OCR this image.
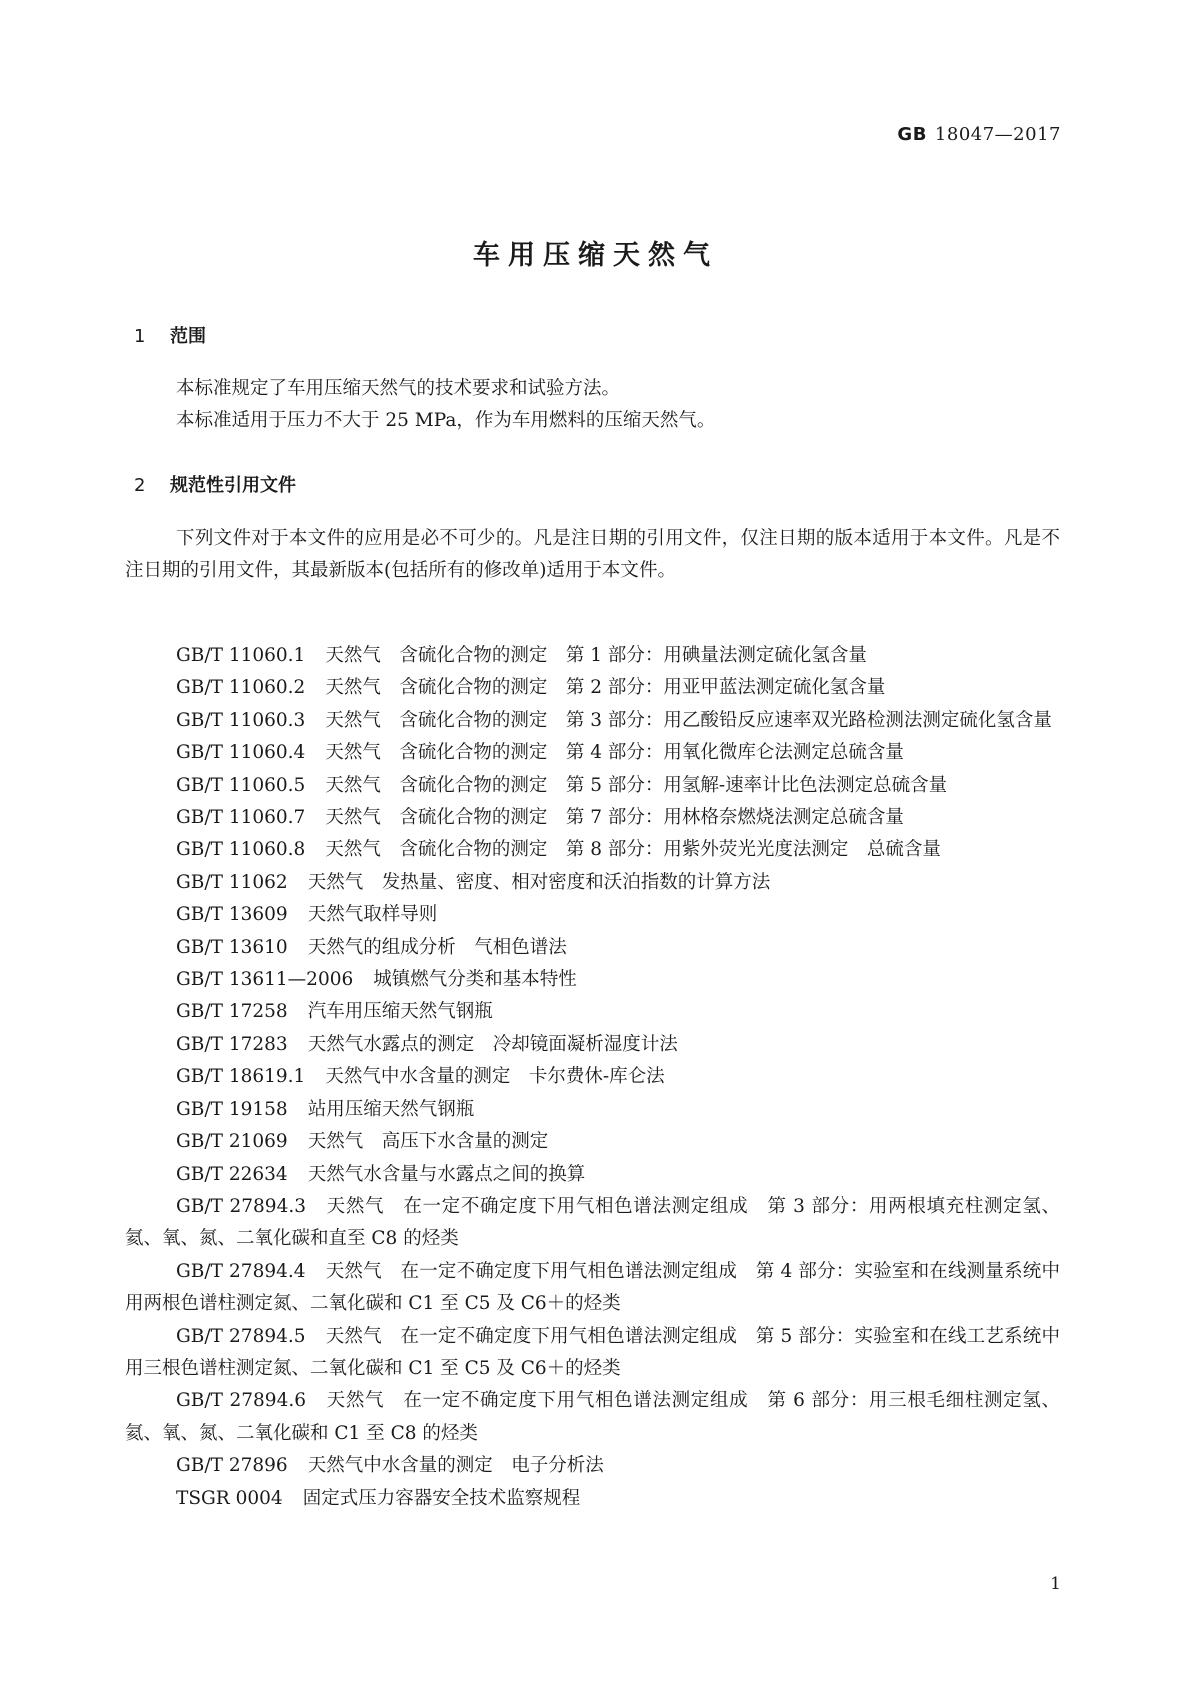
GB 18047—2017
车用压缩天然气
1 范围

本标准规定了车用压缩天然气的技术要求和试验方法。

本标准适用于压力不大于 25 MPa，作为车用燃料的压缩天然气。

2 规范性引用文件

下列文件对于本文件的应用是必不可少的。凡是注日期的引用文件，仅注日期的版本适用于本文件。凡是不注日期的引用文件，其最新版本(包括所有的修改单)适用于本文件。

GB/T 11060.1 天然气　含硫化合物的测定　第 1 部分：用碘量法测定硫化氢含量

GB/T 11060.2 天然气　含硫化合物的测定　第 2 部分：用亚甲蓝法测定硫化氢含量

GB/T 11060.3 天然气　含硫化合物的测定　第 3 部分：用乙酸铅反应速率双光路检测法测定硫化氢含量

GB/T 11060.4 天然气　含硫化合物的测定　第 4 部分：用氧化微库仑法测定总硫含量

GB/T 11060.5 天然气　含硫化合物的测定　第 5 部分：用氢解-速率计比色法测定总硫含量

GB/T 11060.7 天然气　含硫化合物的测定　第 7 部分：用林格奈燃烧法测定总硫含量

GB/T 11060.8 天然气　含硫化合物的测定　第 8 部分：用紫外荧光光度法测定　总硫含量

GB/T 11062 天然气　发热量、密度、相对密度和沃泊指数的计算方法

GB/T 13609 天然气取样导则

GB/T 13610 天然气的组成分析　气相色谱法

GB/T 13611—2006 城镇燃气分类和基本特性

GB/T 17258 汽车用压缩天然气钢瓶

GB/T 17283 天然气水露点的测定　冷却镜面凝析湿度计法

GB/T 18619.1 天然气中水含量的测定　卡尔费休-库仑法

GB/T 19158 站用压缩天然气钢瓶

GB/T 21069 天然气　高压下水含量的测定

GB/T 22634 天然气水含量与水露点之间的换算

GB/T 27894.3 天然气　在一定不确定度下用气相色谱法测定组成　第 3 部分：用两根填充柱测定氢、氦、氧、氮、二氧化碳和直至 C8 的烃类

GB/T 27894.4 天然气　在一定不确定度下用气相色谱法测定组成　第 4 部分：实验室和在线测量系统中用两根色谱柱测定氮、二氧化碳和 C1 至 C5 及 C6＋的烃类

GB/T 27894.5 天然气　在一定不确定度下用气相色谱法测定组成　第 5 部分：实验室和在线工艺系统中用三根色谱柱测定氮、二氧化碳和 C1 至 C5 及 C6＋的烃类

GB/T 27894.6 天然气　在一定不确定度下用气相色谱法测定组成　第 6 部分：用三根毛细柱测定氢、氦、氧、氮、二氧化碳和 C1 至 C8 的烃类

GB/T 27896 天然气中水含量的测定　电子分析法

TSGR 0004 固定式压力容器安全技术监察规程

1
